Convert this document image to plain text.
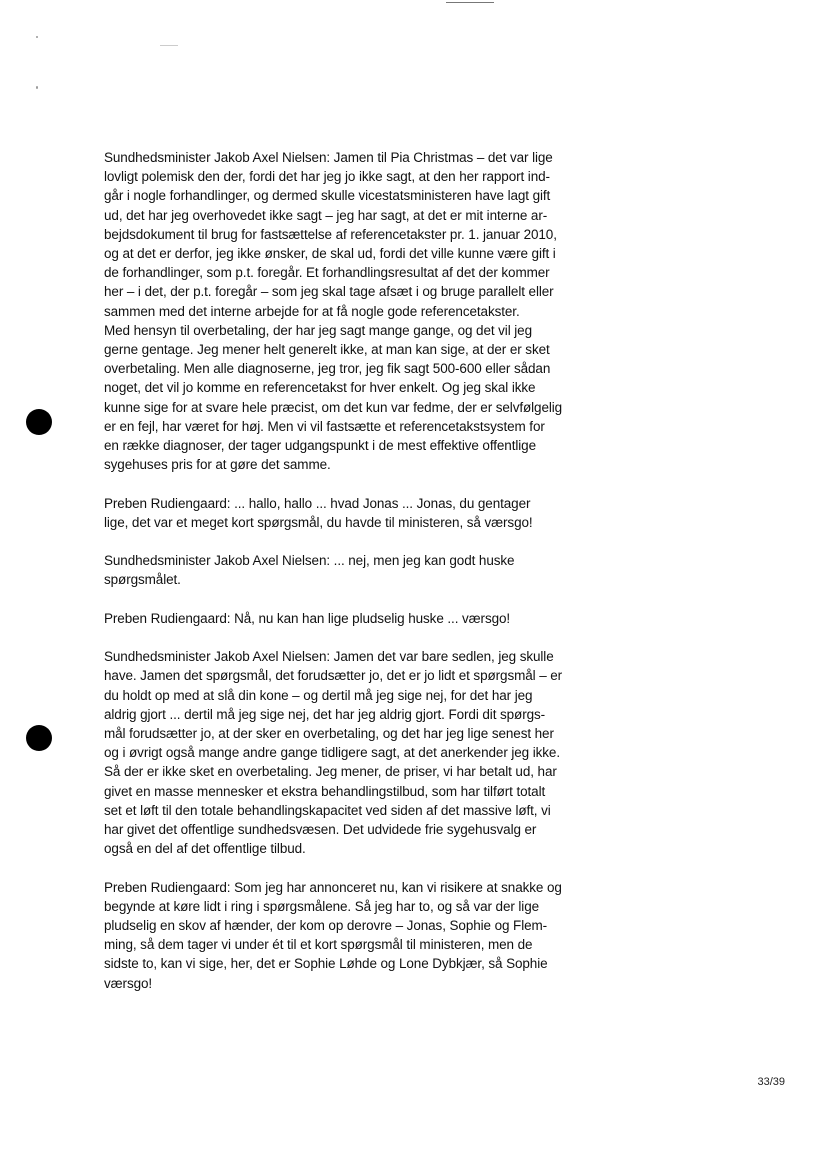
Sundhedsminister Jakob Axel Nielsen: Jamen til Pia Christmas – det var lige
lovligt polemisk den der, fordi det har jeg jo ikke sagt, at den her rapport ind-
går i nogle forhandlinger, og dermed skulle vicestatsministeren have lagt gift
ud, det har jeg overhovedet ikke sagt – jeg har sagt, at det er mit interne ar-
bejdsdokument til brug for fastsættelse af referencetakster pr. 1. januar 2010,
og at det er derfor, jeg ikke ønsker, de skal ud, fordi det ville kunne være gift i
de forhandlinger, som p.t. foregår. Et forhandlingsresultat af det der kommer
her – i det, der p.t. foregår – som jeg skal tage afsæt i og bruge parallelt eller
sammen med det interne arbejde for at få nogle gode referencetakster.
Med hensyn til overbetaling, der har jeg sagt mange gange, og det vil jeg
gerne gentage. Jeg mener helt generelt ikke, at man kan sige, at der er sket
overbetaling. Men alle diagnoserne, jeg tror, jeg fik sagt 500-600 eller sådan
noget, det vil jo komme en referencetakst for hver enkelt. Og jeg skal ikke
kunne sige for at svare hele præcist, om det kun var fedme, der er selvfølgelig
er en fejl, har været for høj. Men vi vil fastsætte et referencetakstsystem for
en række diagnoser, der tager udgangspunkt i de mest effektive offentlige
sygehuses pris for at gøre det samme.

Preben Rudiengaard: ... hallo, hallo ... hvad Jonas ... Jonas, du gentager
lige, det var et meget kort spørgsmål, du havde til ministeren, så værsgo!

Sundhedsminister Jakob Axel Nielsen: ... nej, men jeg kan godt huske
spørgsmålet.

Preben Rudiengaard: Nå, nu kan han lige pludselig huske ... værsgo!

Sundhedsminister Jakob Axel Nielsen: Jamen det var bare sedlen, jeg skulle
have. Jamen det spørgsmål, det forudsætter jo, det er jo lidt et spørgsmål – er
du holdt op med at slå din kone – og dertil må jeg sige nej, for det har jeg
aldrig gjort ... dertil må jeg sige nej, det har jeg aldrig gjort. Fordi dit spørgs-
mål forudsætter jo, at der sker en overbetaling, og det har jeg lige senest her
og i øvrigt også mange andre gange tidligere sagt, at det anerkender jeg ikke.
Så der er ikke sket en overbetaling. Jeg mener, de priser, vi har betalt ud, har
givet en masse mennesker et ekstra behandlingstilbud, som har tilført totalt
set et løft til den totale behandlingskapacitet ved siden af det massive løft, vi
har givet det offentlige sundhedsvæsen. Det udvidede frie sygehusvalg er
også en del af det offentlige tilbud.

Preben Rudiengaard: Som jeg har annonceret nu, kan vi risikere at snakke og
begynde at køre lidt i ring i spørgsmålene. Så jeg har to, og så var der lige
pludselig en skov af hænder, der kom op derovre – Jonas, Sophie og Flem-
ming, så dem tager vi under ét til et kort spørgsmål til ministeren, men de
sidste to, kan vi sige, her, det er Sophie Løhde og Lone Dybkjær, så Sophie
værsgo!

33/39
